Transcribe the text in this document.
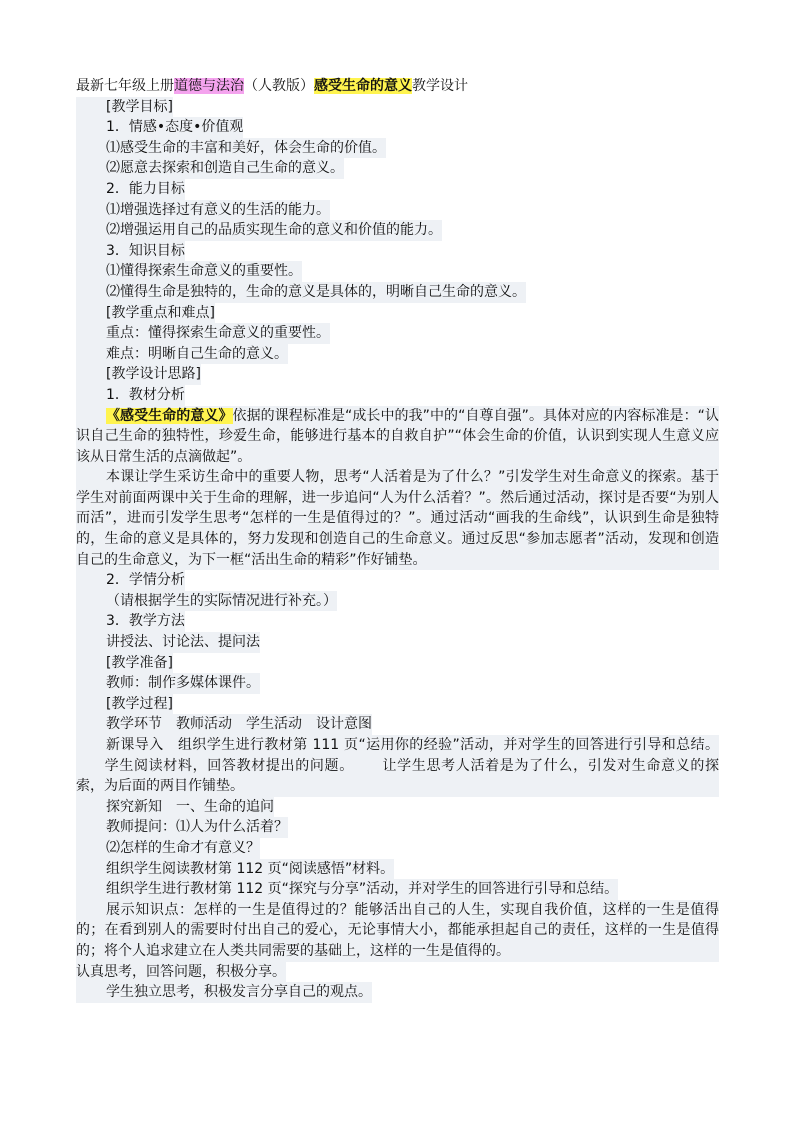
最新七年级上册道德与法治（人教版）感受生命的意义教学设计
[教学目标]
1．情感•态度•价值观
⑴感受生命的丰富和美好，体会生命的价值。
⑵愿意去探索和创造自己生命的意义。
2．能力目标
⑴增强选择过有意义的生活的能力。
⑵增强运用自己的品质实现生命的意义和价值的能力。
3．知识目标
⑴懂得探索生命意义的重要性。
⑵懂得生命是独特的，生命的意义是具体的，明晰自己生命的意义。
[教学重点和难点]
重点：懂得探索生命意义的重要性。
难点：明晰自己生命的意义。
[教学设计思路]
1．教材分析
《感受生命的意义》依据的课程标准是“成长中的我”中的“自尊自强”。具体对应的内容标准是：“认识自己生命的独特性，珍爱生命，能够进行基本的自救自护”“体会生命的价值，认识到实现人生意义应该从日常生活的点滴做起”。
本课让学生采访生命中的重要人物，思考“人活着是为了什么？”引发学生对生命意义的探索。基于学生对前面两课中关于生命的理解，进一步追问“人为什么活着？”。然后通过活动，探讨是否要“为别人而活”，进而引发学生思考“怎样的一生是值得过的？”。通过活动“画我的生命线”，认识到生命是独特的，生命的意义是具体的，努力发现和创造自己的生命意义。通过反思“参加志愿者”活动，发现和创造自己的生命意义，为下一框“活出生命的精彩”作好铺垫。
2．学情分析
（请根据学生的实际情况进行补充。）
3．教学方法
讲授法、讨论法、提问法
[教学准备]
教师：制作多媒体课件。
[教学过程]
教学环节 教师活动 学生活动 设计意图
新课导入 组织学生进行教材第 111 页“运用你的经验”活动，并对学生的回答进行引导和总结。学生阅读材料，回答教材提出的问题。 让学生思考人活着是为了什么，引发对生命意义的探索，为后面的两目作铺垫。
探究新知 一、生命的追问
教师提问：⑴人为什么活着？
⑵怎样的生命才有意义？
组织学生阅读教材第 112 页“阅读感悟”材料。
组织学生进行教材第 112 页“探究与分享”活动，并对学生的回答进行引导和总结。
展示知识点：怎样的一生是值得过的？能够活出自己的人生，实现自我价值，这样的一生是值得的；在看到别人的需要时付出自己的爱心，无论事情大小，都能承担起自己的责任，这样的一生是值得的；将个人追求建立在人类共同需要的基础上，这样的一生是值得的。
认真思考，回答问题，积极分享。
学生独立思考，积极发言分享自己的观点。
